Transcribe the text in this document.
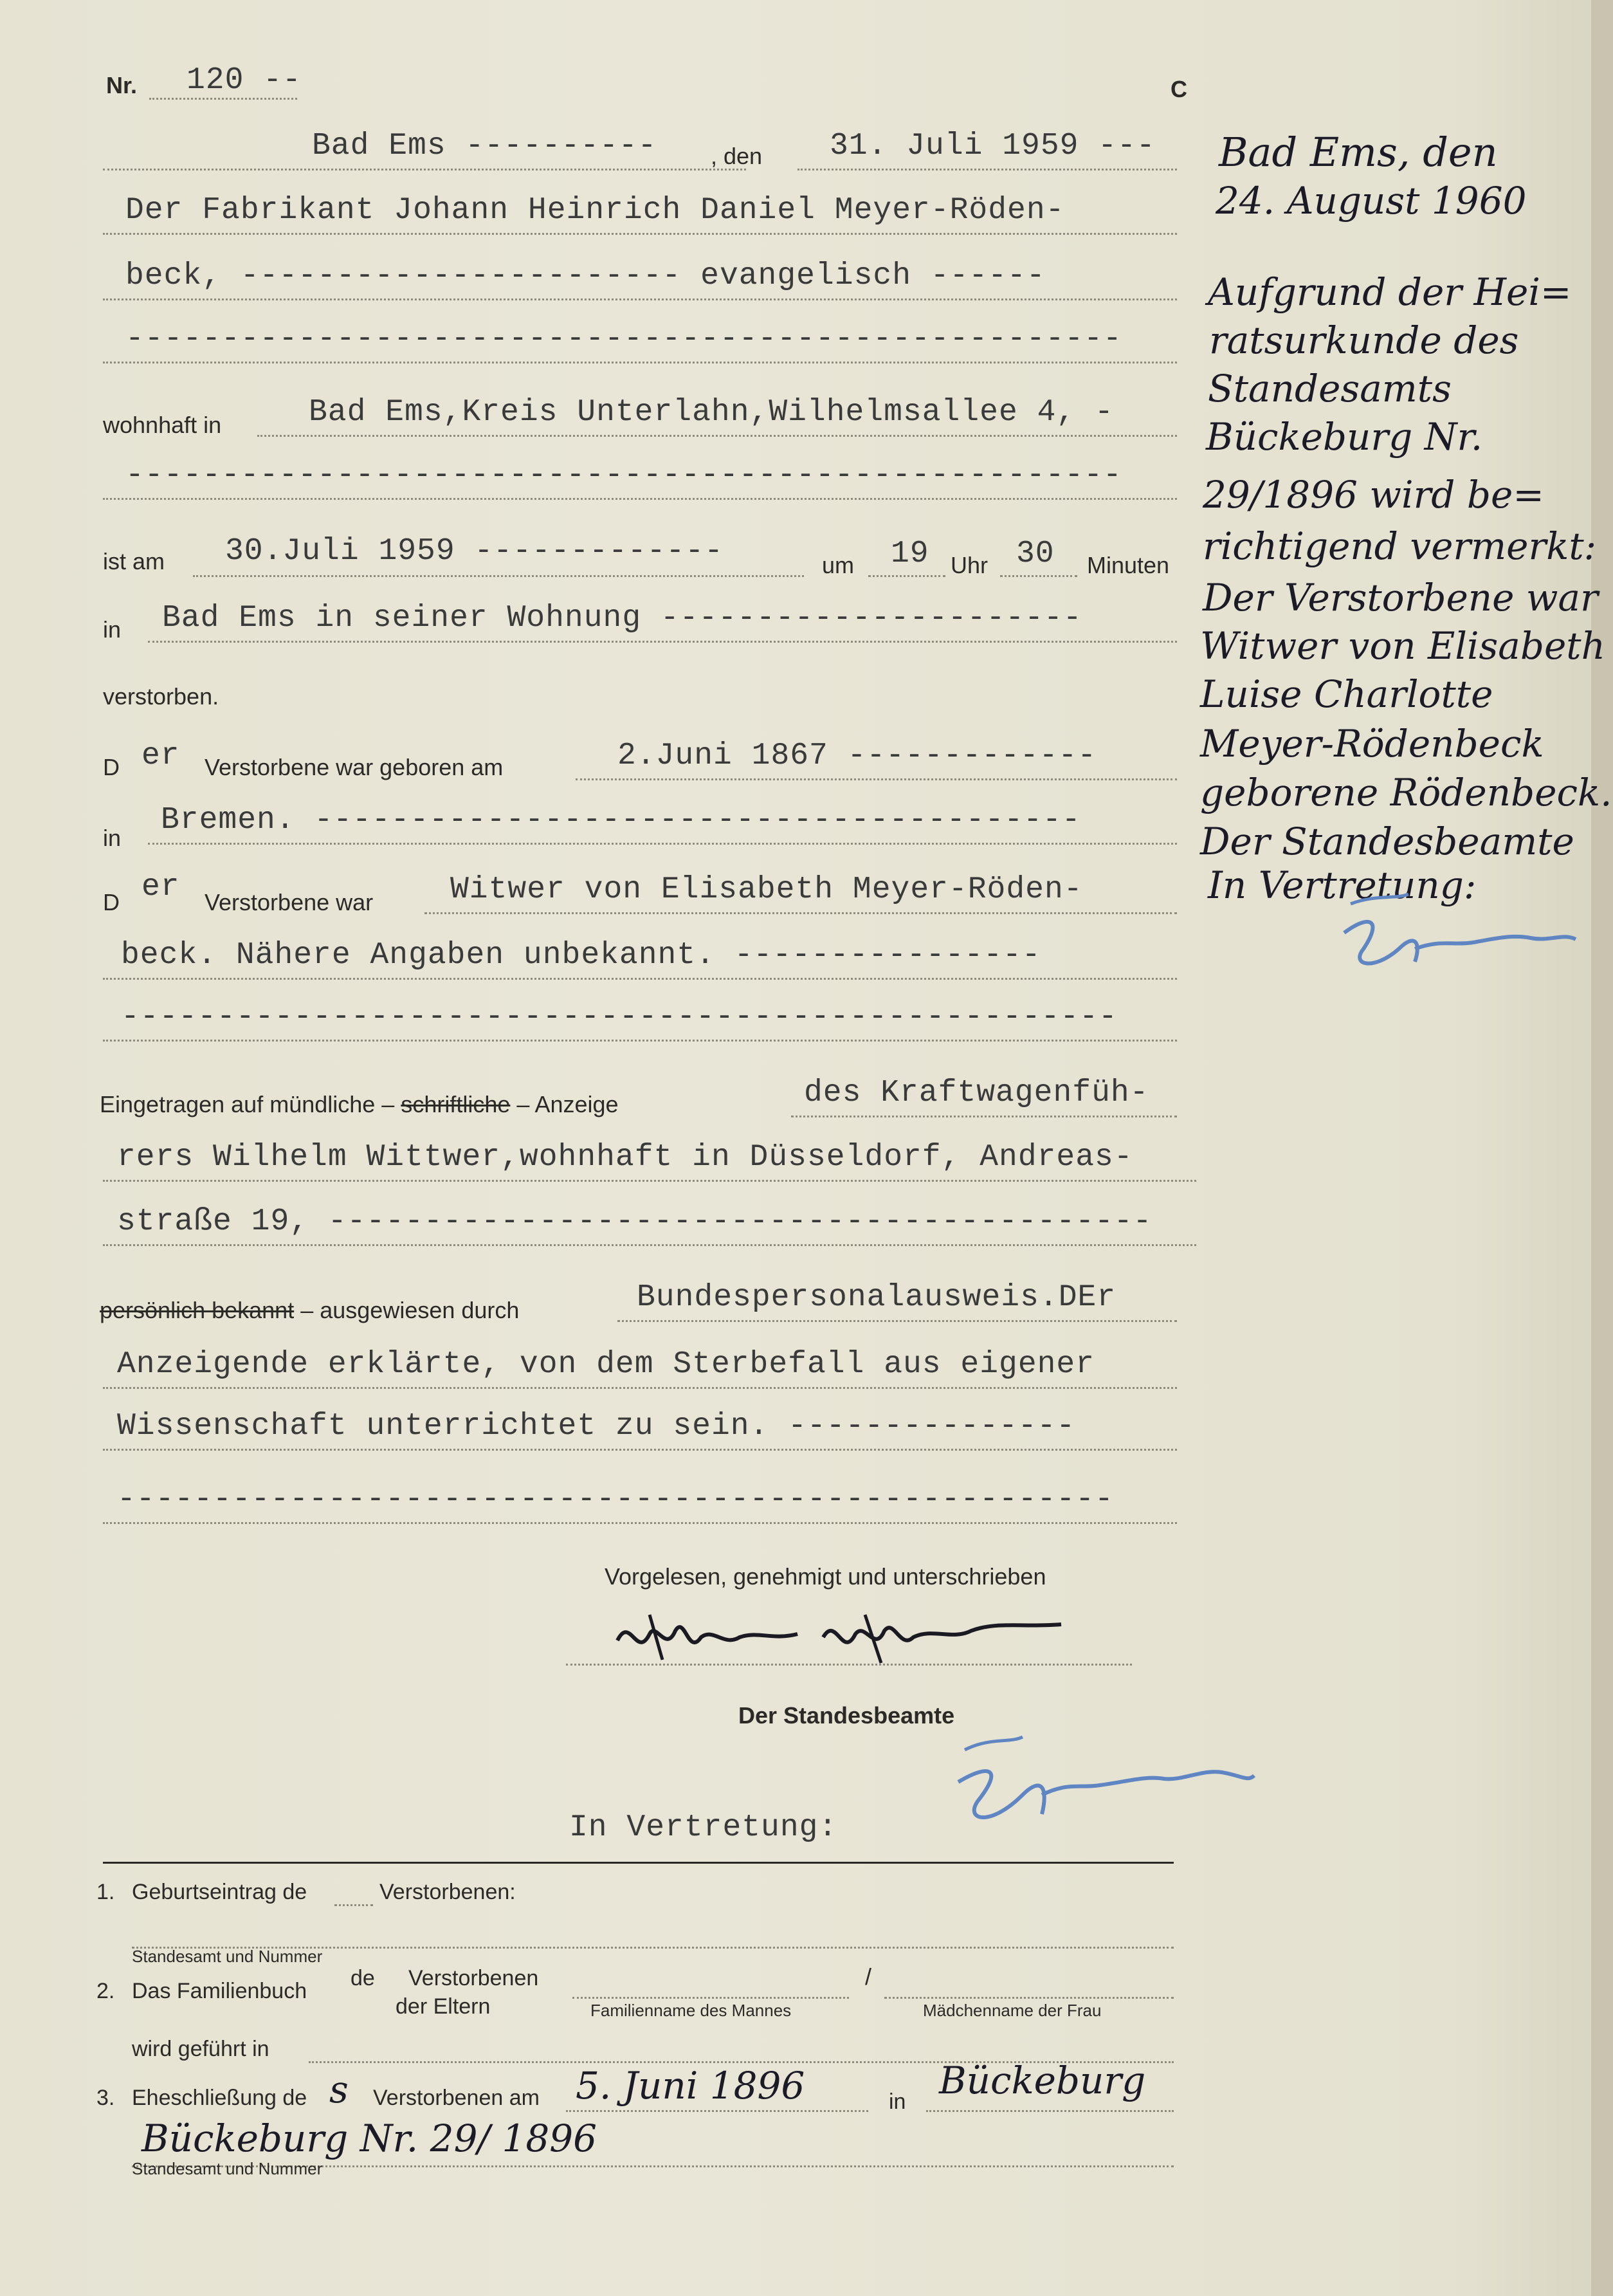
Nr. 120 --	C
Bad Ems ---------- , den 31. Juli 1959 ---
Der Fabrikant Johann Heinrich Daniel Meyer-Röden-
beck, ----------------------- evangelisch ------
----------------------------------------------------
wohnhaft in	Bad Ems,Kreis Unterlahn,Wilhelmsallee 4, -
----------------------------------------------------
ist am 30.Juli 1959 -------------	um 19 Uhr 30 Minuten
in Bad Ems in seiner Wohnung ----------------------
verstorben.
D er Verstorbene war geboren am	2.Juni 1867 -------------
in
Bremen. ----------------------------------------
D er Verstorbene war Witwer von Elisabeth Meyer-Röden-
beck. Nähere Angaben unbekannt. ----------------
----------------------------------------------------
Eingetragen auf mündliche – schriftliche – Anzeige	des Kraftwagenfüh-
rers Wilhelm Wittwer,wohnhaft in Düsseldorf, Andreas-
straße 19, -------------------------------------------
persönlich bekannt – ausgewiesen durch	Bundespersonalausweis.DEr
Anzeigende erklärte, von dem Sterbefall aus eigener
Wissenschaft unterrichtet zu sein. ---------------
----------------------------------------------------
Vorgelesen, genehmigt und unterschrieben
Der Standesbeamte
In Vertretung:
1. Geburtseintrag de	Verstorbenen:
Standesamt und Nummer
2. Das Familienbuch
de Verstorbenen
der Eltern
/
Familienname des Mannes	Mädchenname der Frau
wird geführt in
3. Eheschließung de s Verstorbenen am 5. Juni 1896	in Bückeburg
Bückeburg Nr. 29/ 1896
Standesamt und Nummer
Bad Ems, den
24. August 1960
Aufgrund der Hei=
ratsurkunde des
Standesamts
Bückeburg Nr.
29/1896 wird be=
richtigend vermerkt:
Der Verstorbene war
Witwer von Elisabeth
Luise Charlotte
Meyer-Rödenbeck
geborene Rödenbeck.
Der Standesbeamte
In Vertretung:
